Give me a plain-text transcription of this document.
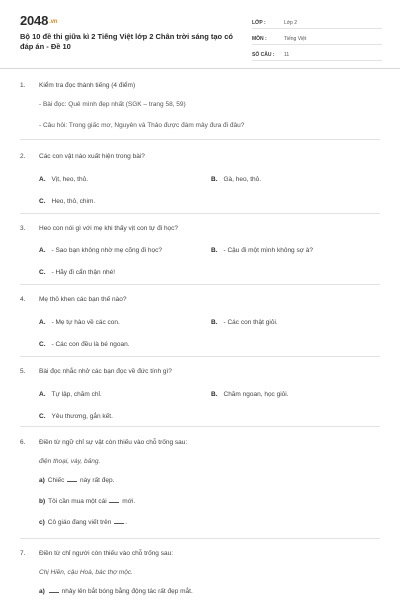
2048.vn
Bộ 10 đề thi giữa kì 2 Tiếng Việt lớp 2 Chân trời sáng tạo có đáp án - Đề 10
LỚP :	Lớp 2
MÔN :	Tiếng Việt
SỐ CÂU :	11
1. Kiểm tra đọc thành tiếng (4 điểm)
- Bài đọc: Quê mình đẹp nhất (SGK – trang 58, 59)
- Câu hỏi: Trong giấc mơ, Nguyên và Thảo được đám mây đưa đi đâu?
2. Các con vật nào xuất hiện trong bài?
A. Vịt, heo, thỏ.	B. Gà, heo, thỏ.
C. Heo, thỏ, chim.
3. Heo con nói gì với mẹ khi thấy vịt con tự đi học?
A. - Sao bạn không nhờ mẹ cõng đi học?	B. - Cậu đi một mình không sợ à?
C. - Hãy đi cẩn thận nhé!
4. Mẹ thỏ khen các bạn thế nào?
A. - Mẹ tự hào về các con.	B. - Các con thật giỏi.
C. - Các con đều là bé ngoan.
5. Bài đọc nhắc nhở các bạn đọc về đức tính gì?
A. Tự lập, chăm chỉ.	B. Chăm ngoan, học giỏi.
C. Yêu thương, gắn kết.
6. Điền từ ngữ chỉ sự vật còn thiếu vào chỗ trống sau:
điện thoại, váy, bảng.
a) Chiếc này rất đẹp.
b) Tôi cần mua một cái mới.
c) Cô giáo đang viết trên .
7. Điền từ chỉ người còn thiếu vào chỗ trống sau:
Chị Hiền, cậu Hoà, bác thợ mộc.
a)	nhảy lên bắt bóng bằng động tác rất đẹp mắt.
